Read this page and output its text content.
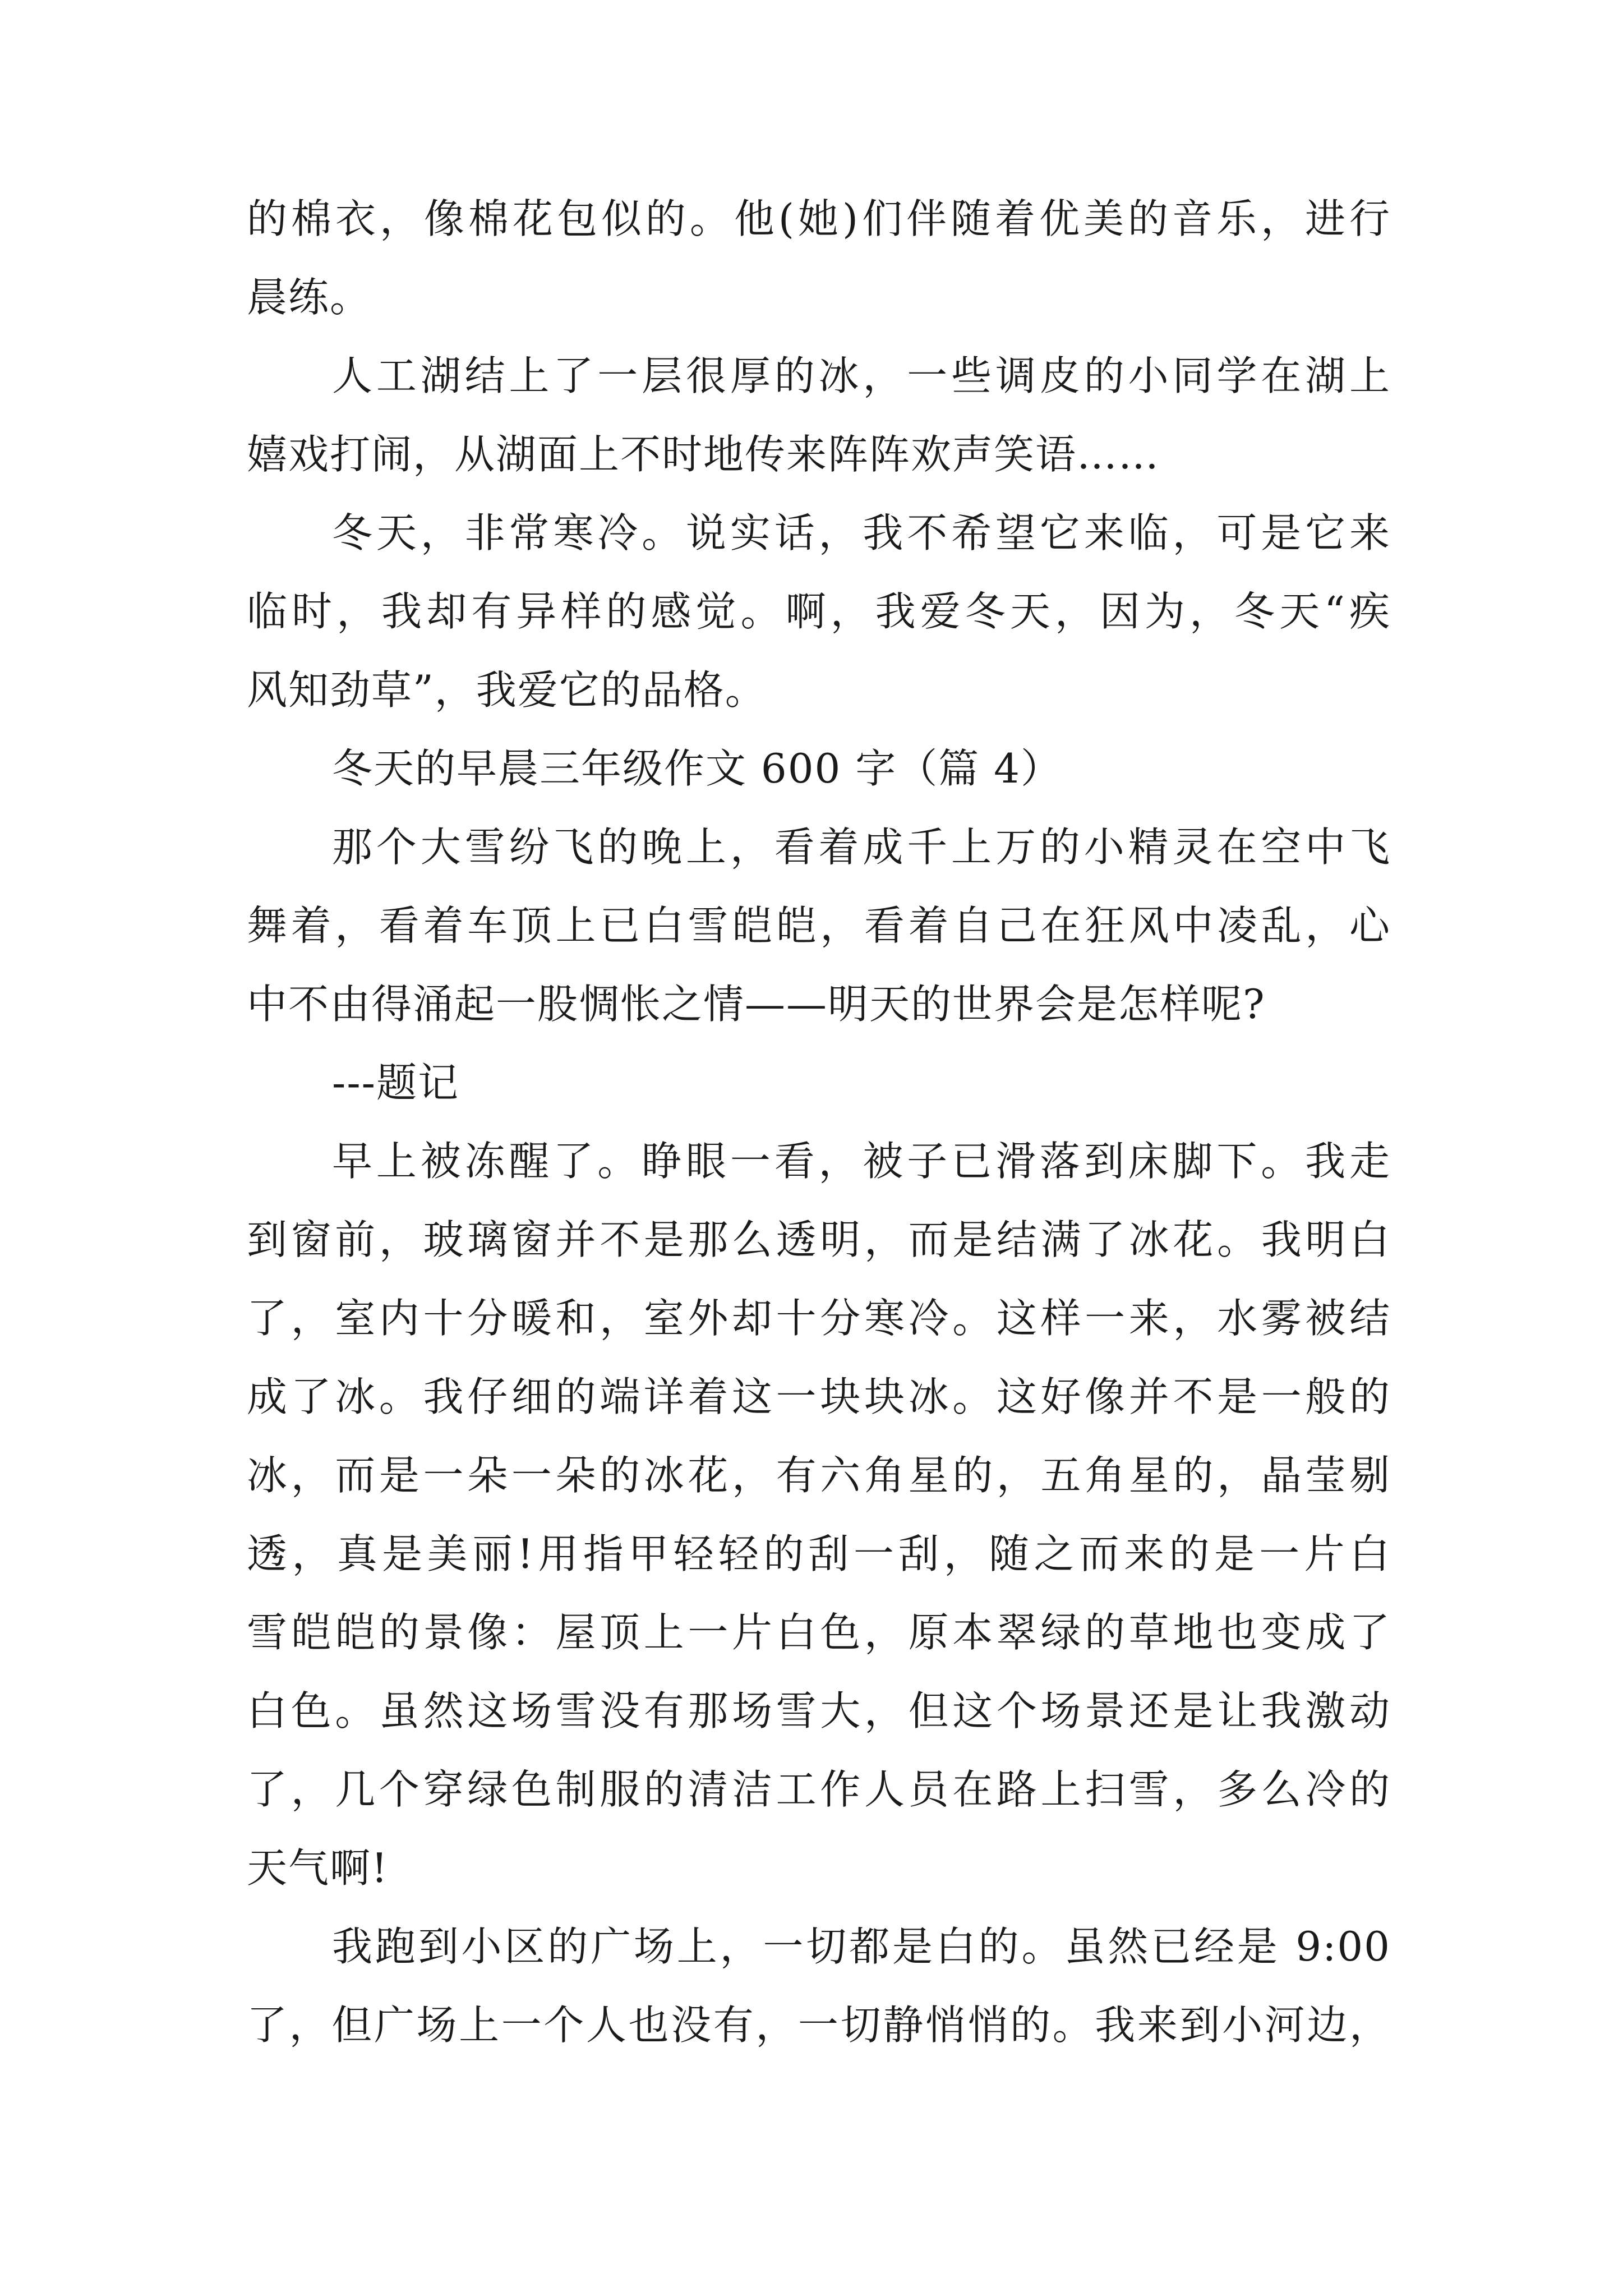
的棉衣，像棉花包似的。他(她)们伴随着优美的音乐，进行
晨练。
人工湖结上了一层很厚的冰，一些调皮的小同学在湖上
嬉戏打闹，从湖面上不时地传来阵阵欢声笑语……
冬天，非常寒冷。说实话，我不希望它来临，可是它来
临时，我却有异样的感觉。啊，我爱冬天，因为，冬天“疾
风知劲草”，我爱它的品格。
冬天的早晨三年级作文 600 字（篇 4）
那个大雪纷飞的晚上，看着成千上万的小精灵在空中飞
舞着，看着车顶上已白雪皑皑，看着自己在狂风中凌乱，心
中不由得涌起一股惆怅之情——明天的世界会是怎样呢?
---题记
早上被冻醒了。睁眼一看，被子已滑落到床脚下。我走
到窗前，玻璃窗并不是那么透明，而是结满了冰花。我明白
了，室内十分暖和，室外却十分寒冷。这样一来，水雾被结
成了冰。我仔细的端详着这一块块冰。这好像并不是一般的
冰，而是一朵一朵的冰花，有六角星的，五角星的，晶莹剔
透，真是美丽!用指甲轻轻的刮一刮，随之而来的是一片白
雪皑皑的景像：屋顶上一片白色，原本翠绿的草地也变成了
白色。虽然这场雪没有那场雪大，但这个场景还是让我激动
了，几个穿绿色制服的清洁工作人员在路上扫雪，多么冷的
天气啊!
我跑到小区的广场上，一切都是白的。虽然已经是 9:00
了，但广场上一个人也没有，一切静悄悄的。我来到小河边，
